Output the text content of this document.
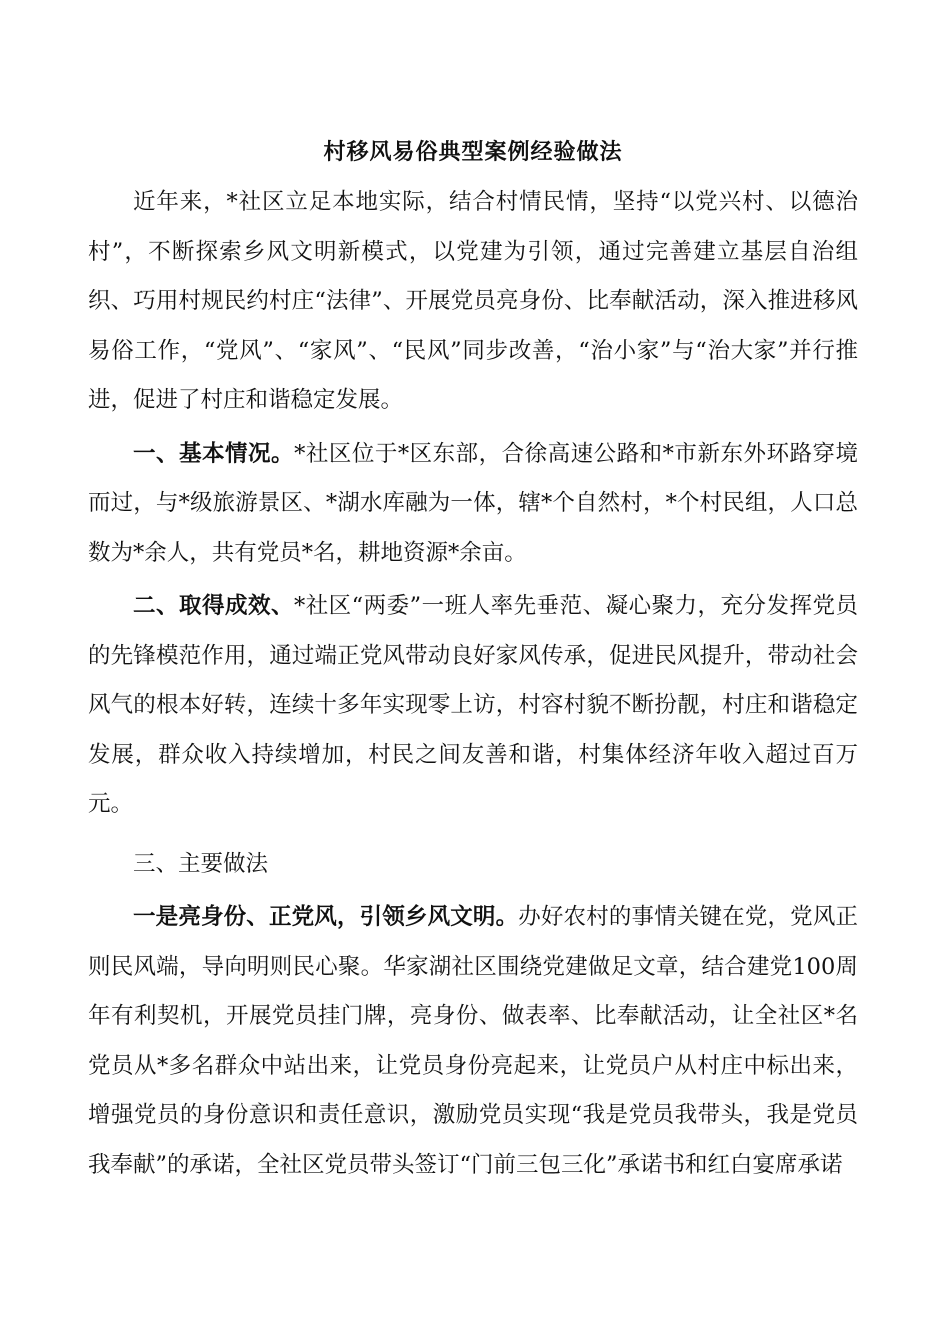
村移风易俗典型案例经验做法

近年来，*社区立足本地实际，结合村情民情，坚持“以党兴村、以德治村”，不断探索乡风文明新模式，以党建为引领，通过完善建立基层自治组织、巧用村规民约村庄“法律”、开展党员亮身份、比奉献活动，深入推进移风易俗工作，“党风”、“家风”、“民风”同步改善，“治小家”与“治大家”并行推进，促进了村庄和谐稳定发展。

一、基本情况。*社区位于*区东部，合徐高速公路和*市新东外环路穿境而过，与*级旅游景区、*湖水库融为一体，辖*个自然村，*个村民组，人口总数为*余人，共有党员*名，耕地资源*余亩。

二、取得成效、*社区“两委”一班人率先垂范、凝心聚力，充分发挥党员的先锋模范作用，通过端正党风带动良好家风传承，促进民风提升，带动社会风气的根本好转，连续十多年实现零上访，村容村貌不断扮靓，村庄和谐稳定发展，群众收入持续增加，村民之间友善和谐，村集体经济年收入超过百万元。

三、主要做法

一是亮身份、正党风，引领乡风文明。办好农村的事情关键在党，党风正则民风端，导向明则民心聚。华家湖社区围绕党建做足文章，结合建党100周年有利契机，开展党员挂门牌，亮身份、做表率、比奉献活动，让全社区*名党员从*多名群众中站出来，让党员身份亮起来，让党员户从村庄中标出来，增强党员的身份意识和责任意识，激励党员实现“我是党员我带头，我是党员我奉献”的承诺，全社区党员带头签订“门前三包三化”承诺书和红白宴席承诺
